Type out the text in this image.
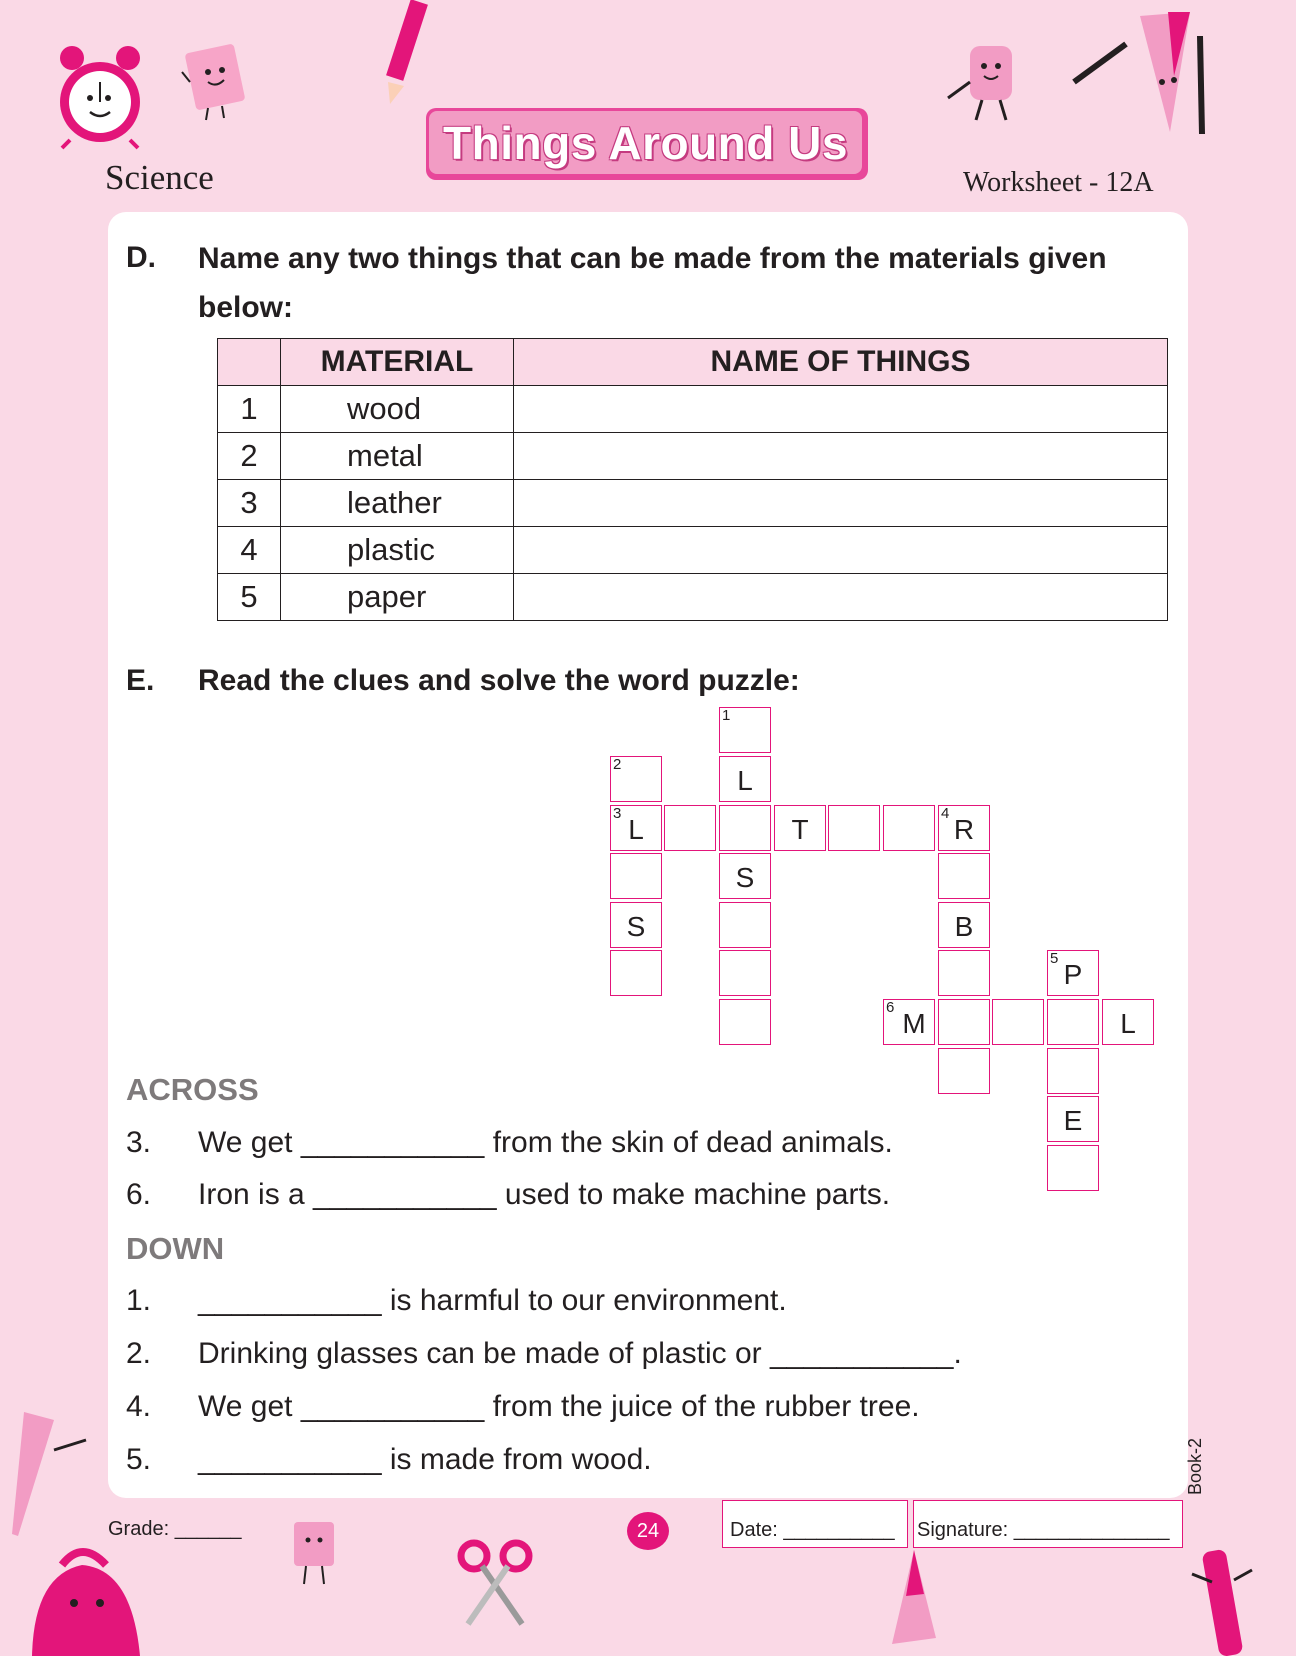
Science
Things Around Us
Worksheet - 12A
D. Name any two things that can be made from the materials given
below:
	MATERIAL	NAME OF THINGS
1	wood	
2	metal	
3	leather	
4	plastic	
5	paper	
E. Read the clues and solve the word puzzle:
1
L
S
2
3
L
S
T
4
R
B
6
M	L
5
P
E
ACROSS
3. We get ___________ from the skin of dead animals.
6. Iron is a ___________ used to make machine parts.
DOWN
1. ___________ is harmful to our environment.
2. Drinking glasses can be made of plastic or ___________.
4. We get ___________ from the juice of the rubber tree.
5. ___________ is made from wood.
Grade: ______	24	Date: __________	Signature: ______________
Book-2
